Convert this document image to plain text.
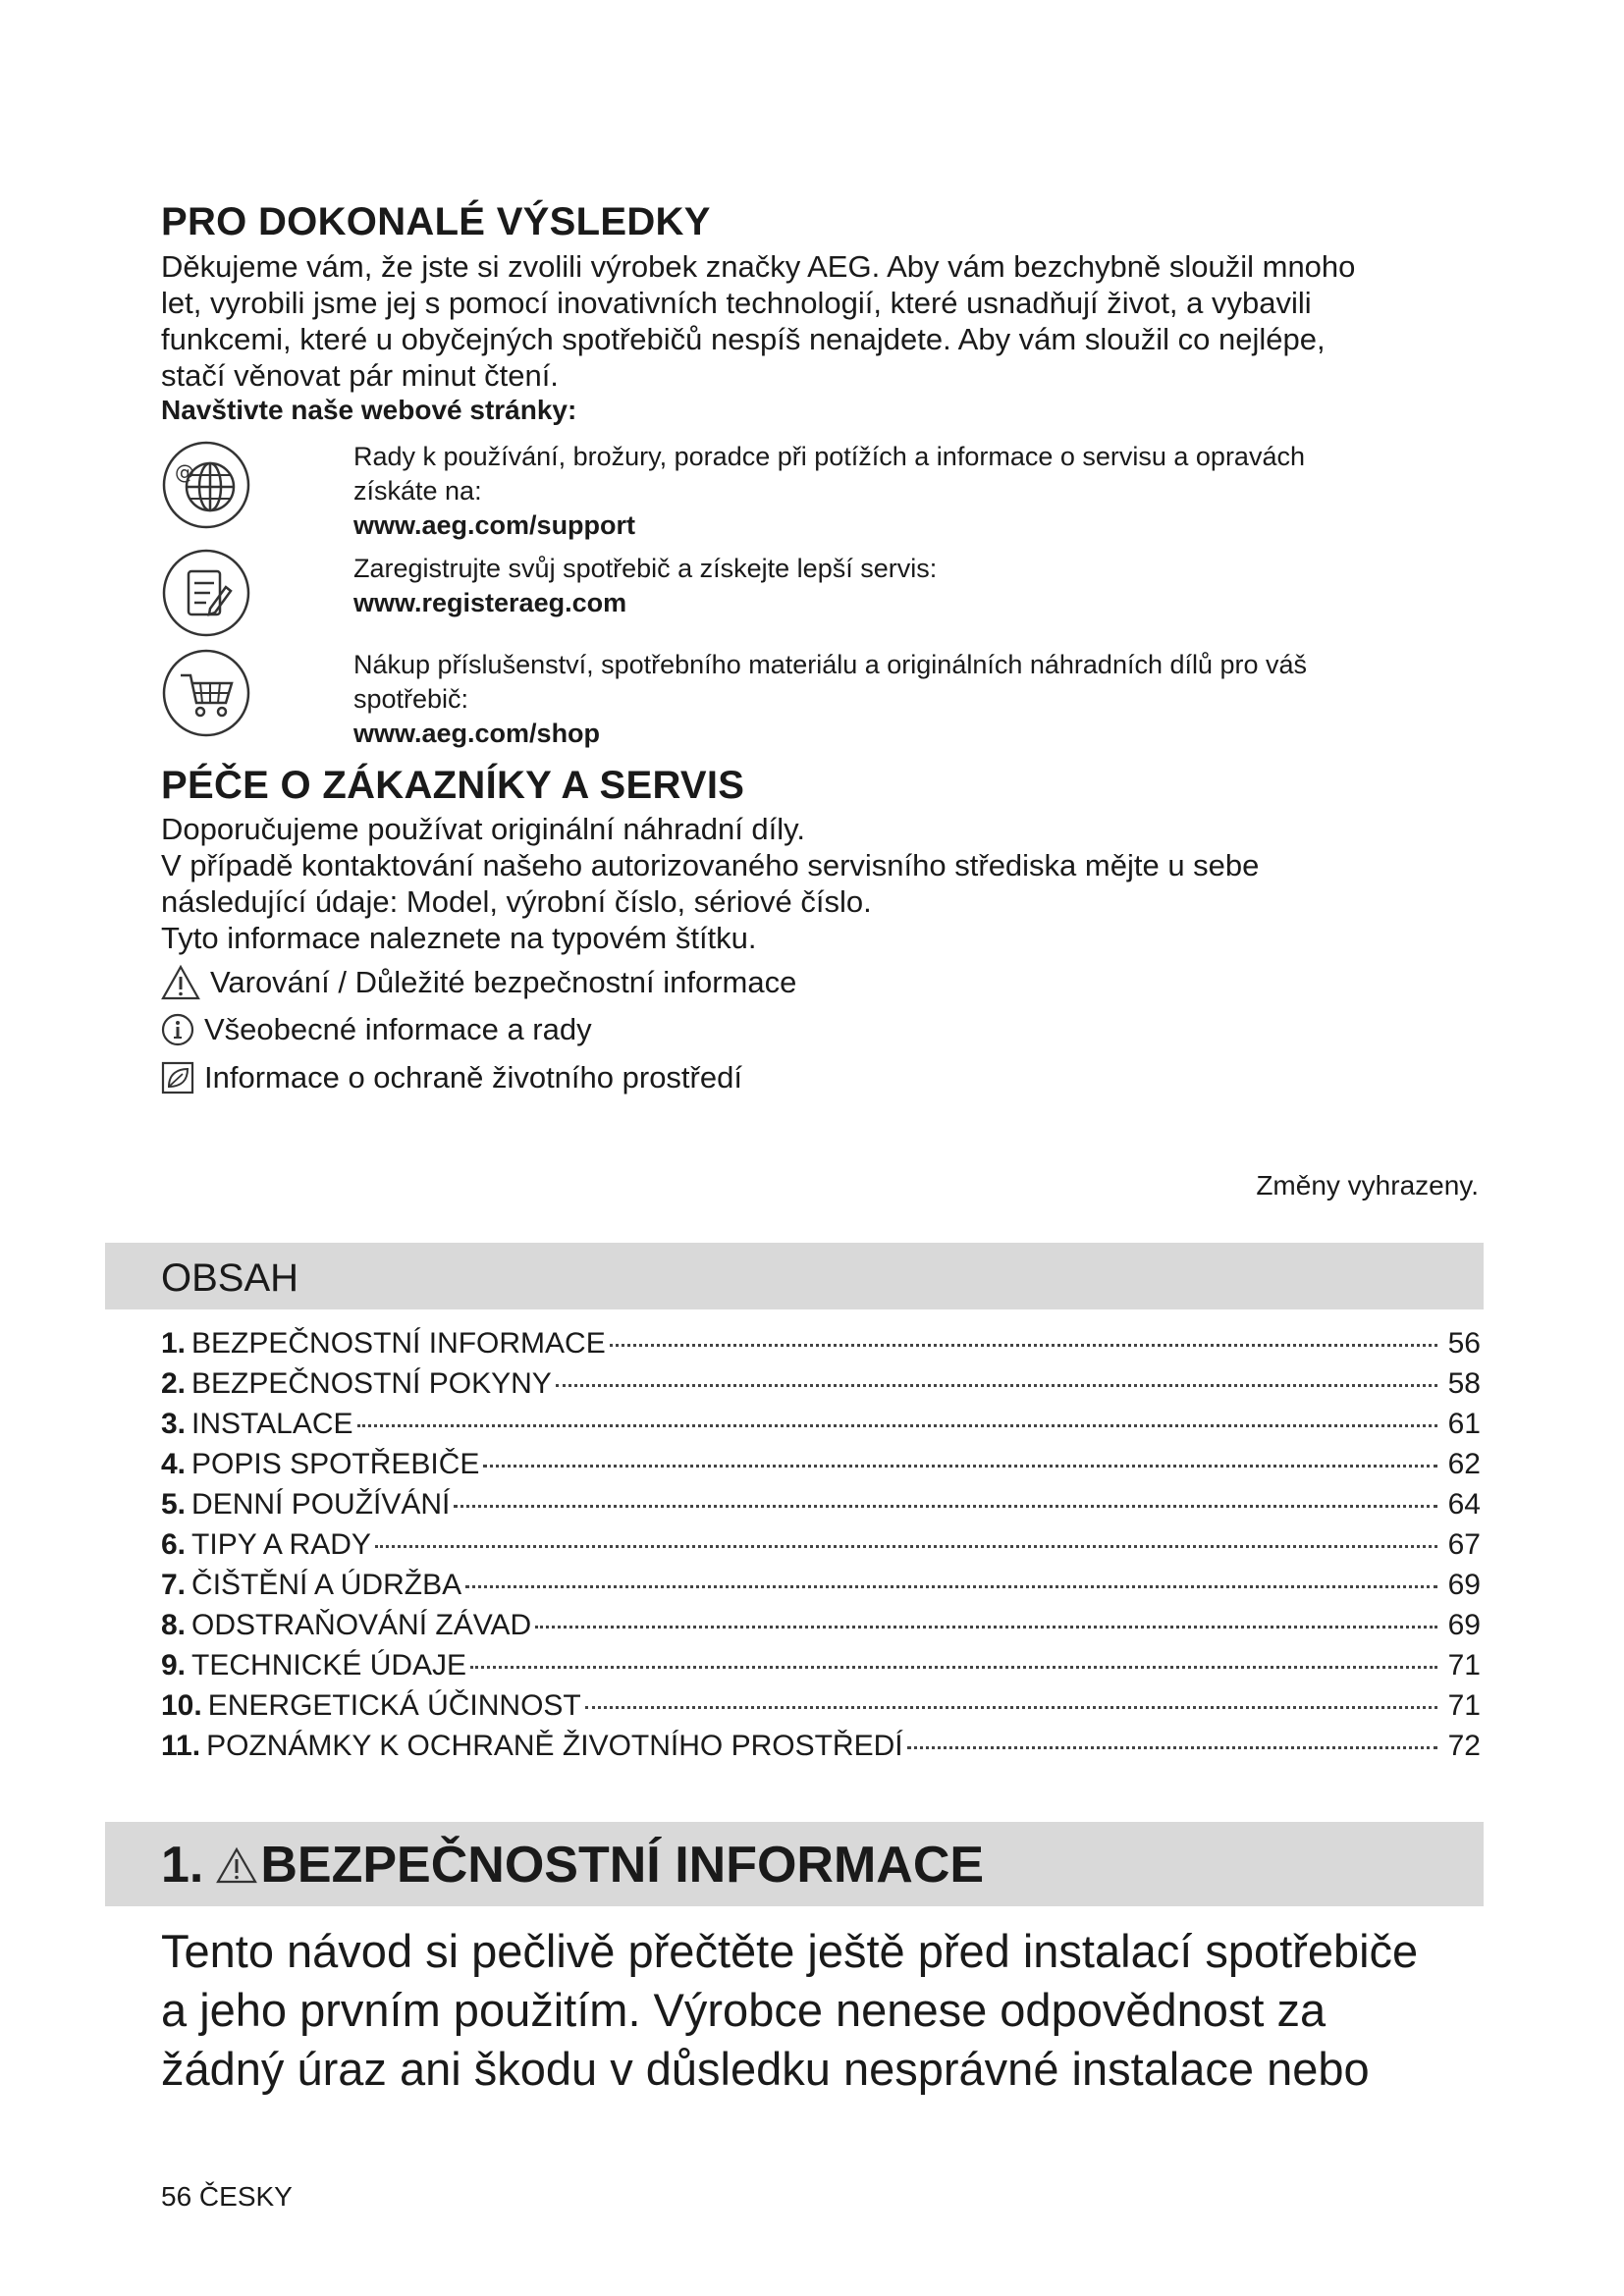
PRO DOKONALÉ VÝSLEDKY
Děkujeme vám, že jste si zvolili výrobek značky AEG. Aby vám bezchybně sloužil mnoho
let, vyrobili jsme jej s pomocí inovativních technologií, které usnadňují život, a vybavili
funkcemi, které u obyčejných spotřebičů nespíš nenajdete. Aby vám sloužil co nejlépe,
stačí věnovat pár minut čtení.
Navštivte naše webové stránky:
@
Rady k používání, brožury, poradce při potížích a informace o servisu a opravách
získáte na:
www.aeg.com/support
Zaregistrujte svůj spotřebič a získejte lepší servis:
www.registeraeg.com
Nákup příslušenství, spotřebního materiálu a originálních náhradních dílů pro váš
spotřebič:
www.aeg.com/shop
PÉČE O ZÁKAZNÍKY A SERVIS
Doporučujeme používat originální náhradní díly.
V případě kontaktování našeho autorizovaného servisního střediska mějte u sebe
následující údaje: Model, výrobní číslo, sériové číslo.
Tyto informace naleznete na typovém štítku.
Varování / Důležité bezpečnostní informace
Všeobecné informace a rady
Informace o ochraně životního prostředí
Změny vyhrazeny.
OBSAH
1. BEZPEČNOSTNÍ INFORMACE	56
2. BEZPEČNOSTNÍ POKYNY	58
3. INSTALACE	61
4. POPIS SPOTŘEBIČE	62
5. DENNÍ POUŽÍVÁNÍ	64
6. TIPY A RADY	67
7. ČIŠTĚNÍ A ÚDRŽBA	69
8. ODSTRAŇOVÁNÍ ZÁVAD	69
9. TECHNICKÉ ÚDAJE	71
10. ENERGETICKÁ ÚČINNOST	71
11. POZNÁMKY K OCHRANĚ ŽIVOTNÍHO PROSTŘEDÍ	72
1. BEZPEČNOSTNÍ INFORMACE
Tento návod si pečlivě přečtěte ještě před instalací spotřebiče
a jeho prvním použitím. Výrobce nenese odpovědnost za
žádný úraz ani škodu v důsledku nesprávné instalace nebo
56 ČESKY
